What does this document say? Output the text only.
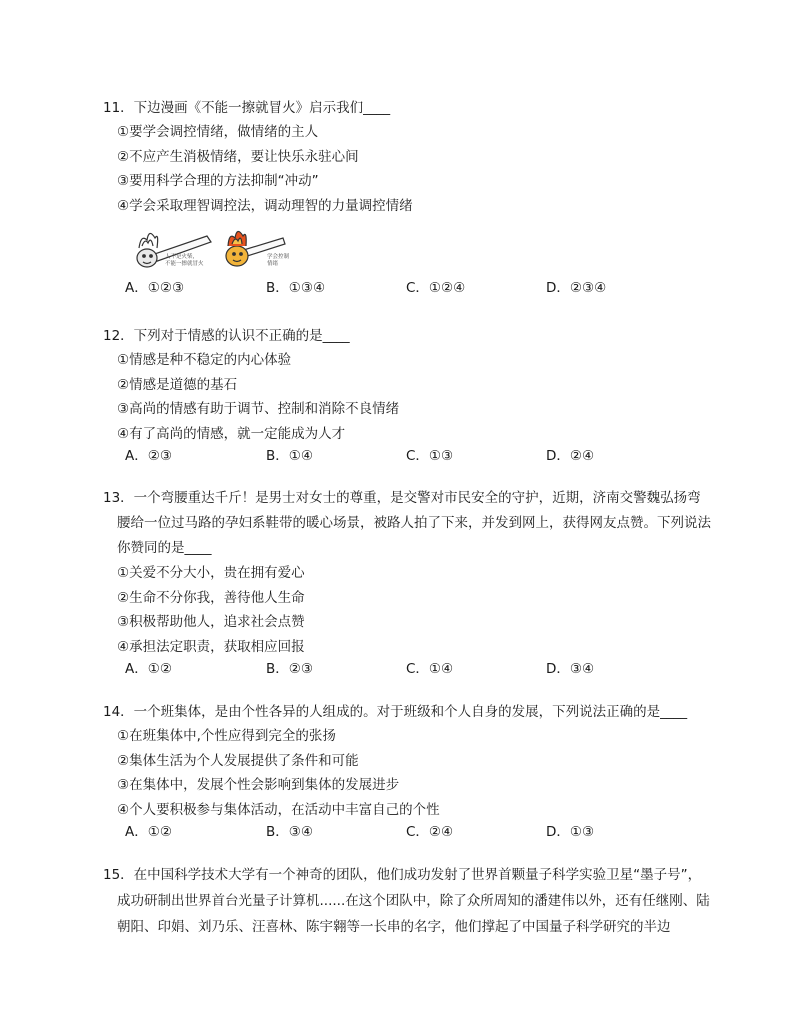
11．下边漫画《不能一擦就冒火》启示我们____
①要学会调控情绪，做情绪的主人
②不应产生消极情绪，要让快乐永驻心间
③要用科学合理的方法抑制“冲动”
④学会采取理智调控法，调动理智的力量调控情绪
人不是火柴，
不能一擦就冒火
学会控制
情绪
A．①②③	B．①③④	C．①②④	D．②③④
12．下列对于情感的认识不正确的是____
①情感是种不稳定的内心体验
②情感是道德的基石
③高尚的情感有助于调节、控制和消除不良情绪
④有了高尚的情感，就一定能成为人才
A．②③	B．①④	C．①③	D．②④
13．一个弯腰重达千斤！是男士对女士的尊重，是交警对市民安全的守护，近期，济南交警魏弘扬弯腰给一位过马路的孕妇系鞋带的暖心场景，被路人拍了下来，并发到网上，获得网友点赞。下列说法你赞同的是____
①关爱不分大小，贵在拥有爱心
②生命不分你我，善待他人生命
③积极帮助他人，追求社会点赞
④承担法定职责，获取相应回报
A．①②	B．②③	C．①④	D．③④
14．一个班集体，是由个性各异的人组成的。对于班级和个人自身的发展，下列说法正确的是____
①在班集体中,个性应得到完全的张扬
②集体生活为个人发展提供了条件和可能
③在集体中，发展个性会影响到集体的发展进步
④个人要积极参与集体活动，在活动中丰富自己的个性
A．①②	B．③④	C．②④	D．①③
15．在中国科学技术大学有一个神奇的团队，他们成功发射了世界首颗量子科学实验卫星“墨子号”，成功研制出世界首台光量子计算机......在这个团队中，除了众所周知的潘建伟以外，还有任继刚、陆朝阳、印娟、刘乃乐、汪喜林、陈宇翱等一长串的名字，他们撑起了中国量子科学研究的半边
